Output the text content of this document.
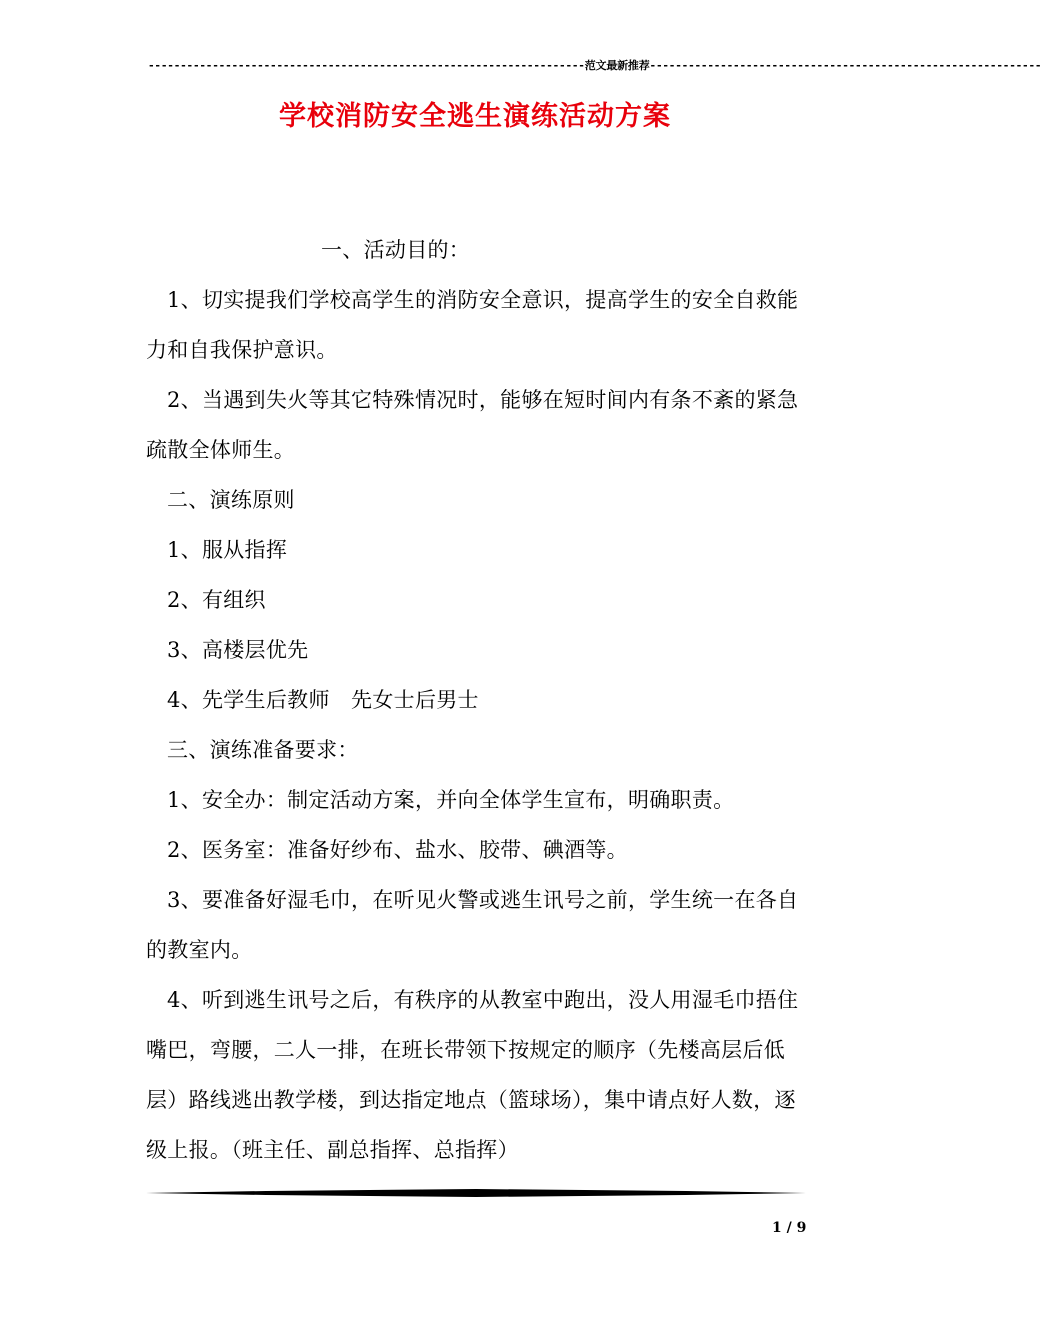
--------------------------------------------------------------------范文最新推荐-------------------------------------------------------------
学校消防安全逃生演练活动方案

一、活动目的：

1、切实提我们学校高学生的消防安全意识，提高学生的安全自救能力和自我保护意识。

2、当遇到失火等其它特殊情况时，能够在短时间内有条不紊的紧急疏散全体师生。

二、演练原则

1、服从指挥

2、有组织

3、高楼层优先

4、先学生后教师　先女士后男士

三、演练准备要求：

1、安全办：制定活动方案，并向全体学生宣布，明确职责。

2、医务室：准备好纱布、盐水、胶带、碘酒等。

3、要准备好湿毛巾，在听见火警或逃生讯号之前，学生统一在各自的教室内。

4、听到逃生讯号之后，有秩序的从教室中跑出，没人用湿毛巾捂住嘴巴，弯腰，二人一排，在班长带领下按规定的顺序（先楼高层后低层）路线逃出教学楼，到达指定地点（篮球场），集中请点好人数，逐级上报。（班主任、副总指挥、总指挥）

1 / 9
